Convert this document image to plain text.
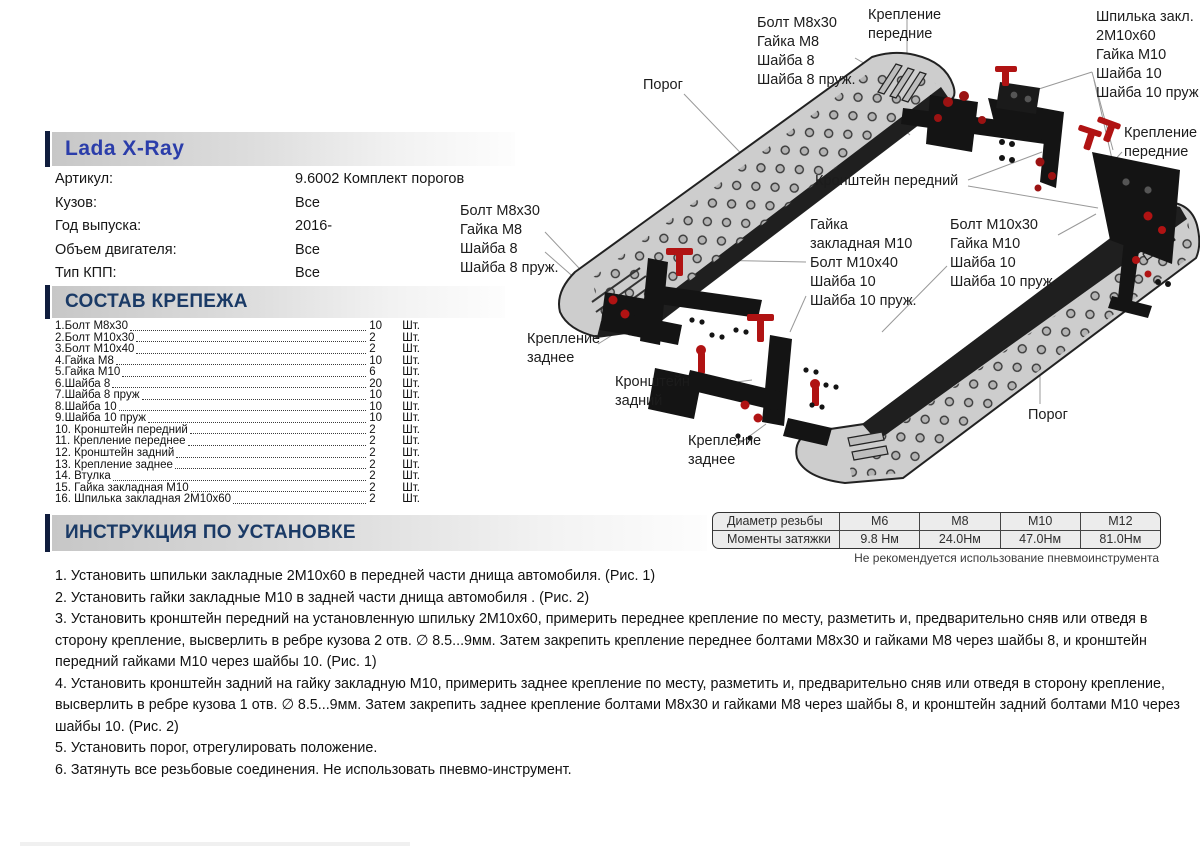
Болт М8х30
Гайка М8
Шайба 8
Шайба 8 пруж.
Крепление
передние
Шпилька закл.
2М10х60
Гайка М10
Шайба 10
Шайба 10 пруж
Порог
Кронштейн передний
Крепление
передние
Болт М8х30
Гайка М8
Шайба 8
Шайба 8 пруж.
Гайка
закладная М10
Болт М10х40
Шайба 10
Шайба 10 пруж.
Болт М10х30
Гайка М10
Шайба 10
Шайба 10 пруж
Крепление
заднее
Кронштейн
задний
Крепление
заднее
Порог
Lada X-Ray
Артикул:	9.6002 Комплект порогов
Кузов:	Все
Год выпуска:	2016-
Объем двигателя:	Все
Тип КПП:	Все
СОСТАВ КРЕПЕЖА
1.Болт М8х30	10	Шт.
2.Болт М10х30	2	Шт.
3.Болт М10х40	2	Шт.
4.Гайка М8	10	Шт.
5.Гайка М10	6	Шт.
6.Шайба 8	20	Шт.
7.Шайба 8 пруж	10	Шт.
8.Шайба 10	10	Шт.
9.Шайба 10 пруж	10	Шт.
10. Кронштейн передний	2	Шт.
11. Крепление переднее	2	Шт.
12. Кронштейн задний	2	Шт.
13. Крепление заднее	2	Шт.
14. Втулка	2	Шт.
15. Гайка закладная М10	2	Шт.
16. Шпилька закладная 2М10х60	2	Шт.
Диаметр резьбы	М6	М8	М10	М12
Моменты затяжки	9.8 Нм	24.0Нм	47.0Нм	81.0Нм
Не рекомендуется использование пневмоинструмента
ИНСТРУКЦИЯ ПО УСТАНОВКЕ
1. Установить шпильки закладные 2М10х60 в передней части днища автомобиля. (Рис. 1)
2. Установить гайки закладные М10 в задней части днища автомобиля . (Рис. 2)
3. Установить кронштейн передний на установленную шпильку 2М10х60, примерить переднее крепление по месту, разметить и, предварительно сняв или отведя в сторону крепление, высверлить в ребре кузова 2 отв. ∅ 8.5...9мм. Затем закрепить крепление переднее болтами М8х30 и гайками М8 через шайбы 8, и кронштейн передний гайками М10 через шайбы 10. (Рис. 1)
4. Установить кронштейн задний на гайку закладную М10, примерить заднее крепление по месту, разметить и, предварительно сняв или отведя в сторону крепление, высверлить в ребре кузова 1 отв. ∅ 8.5...9мм. Затем закрепить заднее крепление болтами М8х30 и гайками М8 через шайбы 8, и кронштейн задний болтами М10 через шайбы 10. (Рис. 2)
5. Установить порог, отрегулировать положение.
6. Затянуть все резьбовые соединения. Не использовать пневмо-инструмент.
